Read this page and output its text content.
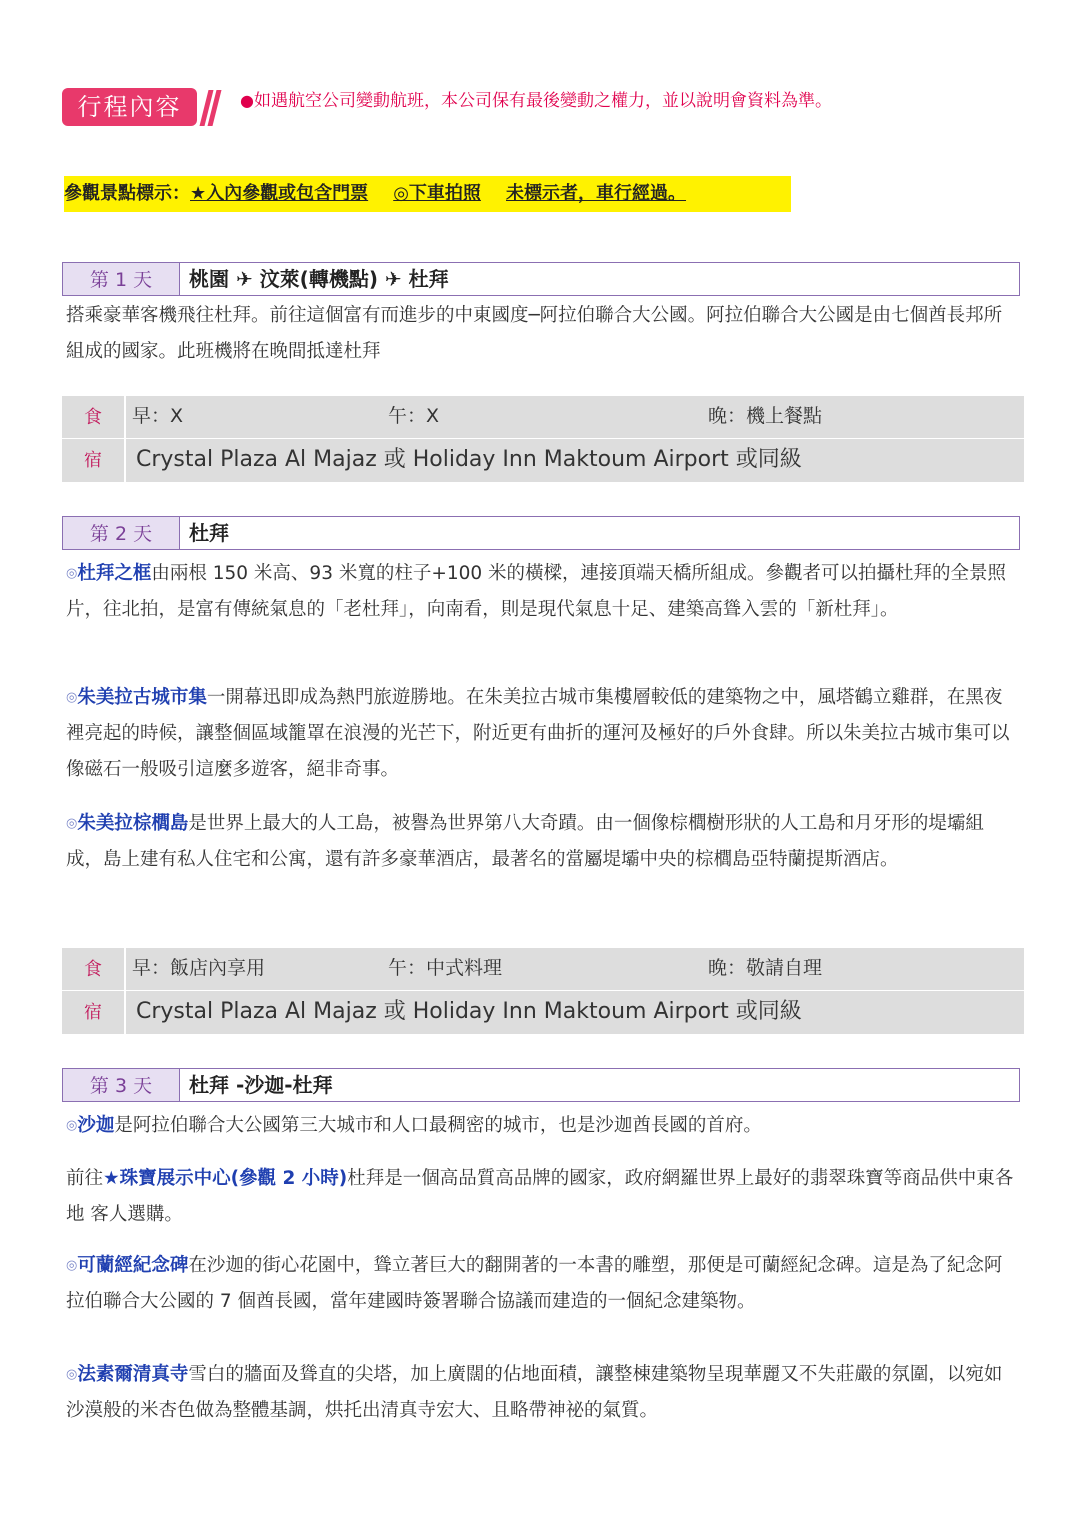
行程內容	●如遇航空公司變動航班，本公司保有最後變動之權力，並以說明會資料為準。
參觀景點標示：★入內參觀或包含門票 ◎下車拍照 未標示者，車行經過。
第 1 天	桃園 ✈ 汶萊(轉機點) ✈ 杜拜
搭乘豪華客機飛往杜拜。前往這個富有而進步的中東國度─阿拉伯聯合大公國。阿拉伯聯合大公國是由七個酋長邦所組成的國家。此班機將在晚間抵達杜拜
食	早：X	午：X	晚：機上餐點
宿	Crystal Plaza Al Majaz 或 Holiday Inn Maktoum Airport 或同級
第 2 天	杜拜
◎杜拜之框由兩根 150 米高、93 米寬的柱子+100 米的橫樑，連接頂端天橋所組成。參觀者可以拍攝杜拜的全景照片，往北拍，是富有傳統氣息的「老杜拜」，向南看，則是現代氣息十足、建築高聳入雲的「新杜拜」。
◎朱美拉古城市集一開幕迅即成為熱門旅遊勝地。在朱美拉古城市集樓層較低的建築物之中，風塔鶴立雞群，在黑夜裡亮起的時候，讓整個區域籠罩在浪漫的光芒下，附近更有曲折的運河及極好的戶外食肆。所以朱美拉古城市集可以像磁石一般吸引這麼多遊客，絕非奇事。
◎朱美拉棕櫚島是世界上最大的人工島，被譽為世界第八大奇蹟。由一個像棕櫚樹形狀的人工島和月牙形的堤壩組成，島上建有私人住宅和公寓，還有許多豪華酒店，最著名的當屬堤壩中央的棕櫚島亞特蘭提斯酒店。
食	早：飯店內享用	午：中式料理	晚：敬請自理
宿	Crystal Plaza Al Majaz 或 Holiday Inn Maktoum Airport 或同級
第 3 天	杜拜 -沙迦-杜拜
◎沙迦是阿拉伯聯合大公國第三大城市和人口最稠密的城市，也是沙迦酋長國的首府。
前往★珠寶展示中心(參觀 2 小時)杜拜是一個高品質高品牌的國家，政府網羅世界上最好的翡翠珠寶等商品供中東各地 客人選購。
◎可蘭經紀念碑在沙迦的街心花園中，聳立著巨大的翻開著的一本書的雕塑，那便是可蘭經紀念碑。這是為了紀念阿拉伯聯合大公國的 7 個酋長國，當年建國時簽署聯合協議而建造的一個紀念建築物。
◎法素爾清真寺雪白的牆面及聳直的尖塔，加上廣闊的佔地面積，讓整棟建築物呈現華麗又不失莊嚴的氛圍，以宛如沙漠般的米杏色做為整體基調，烘托出清真寺宏大、且略帶神祕的氣質。
